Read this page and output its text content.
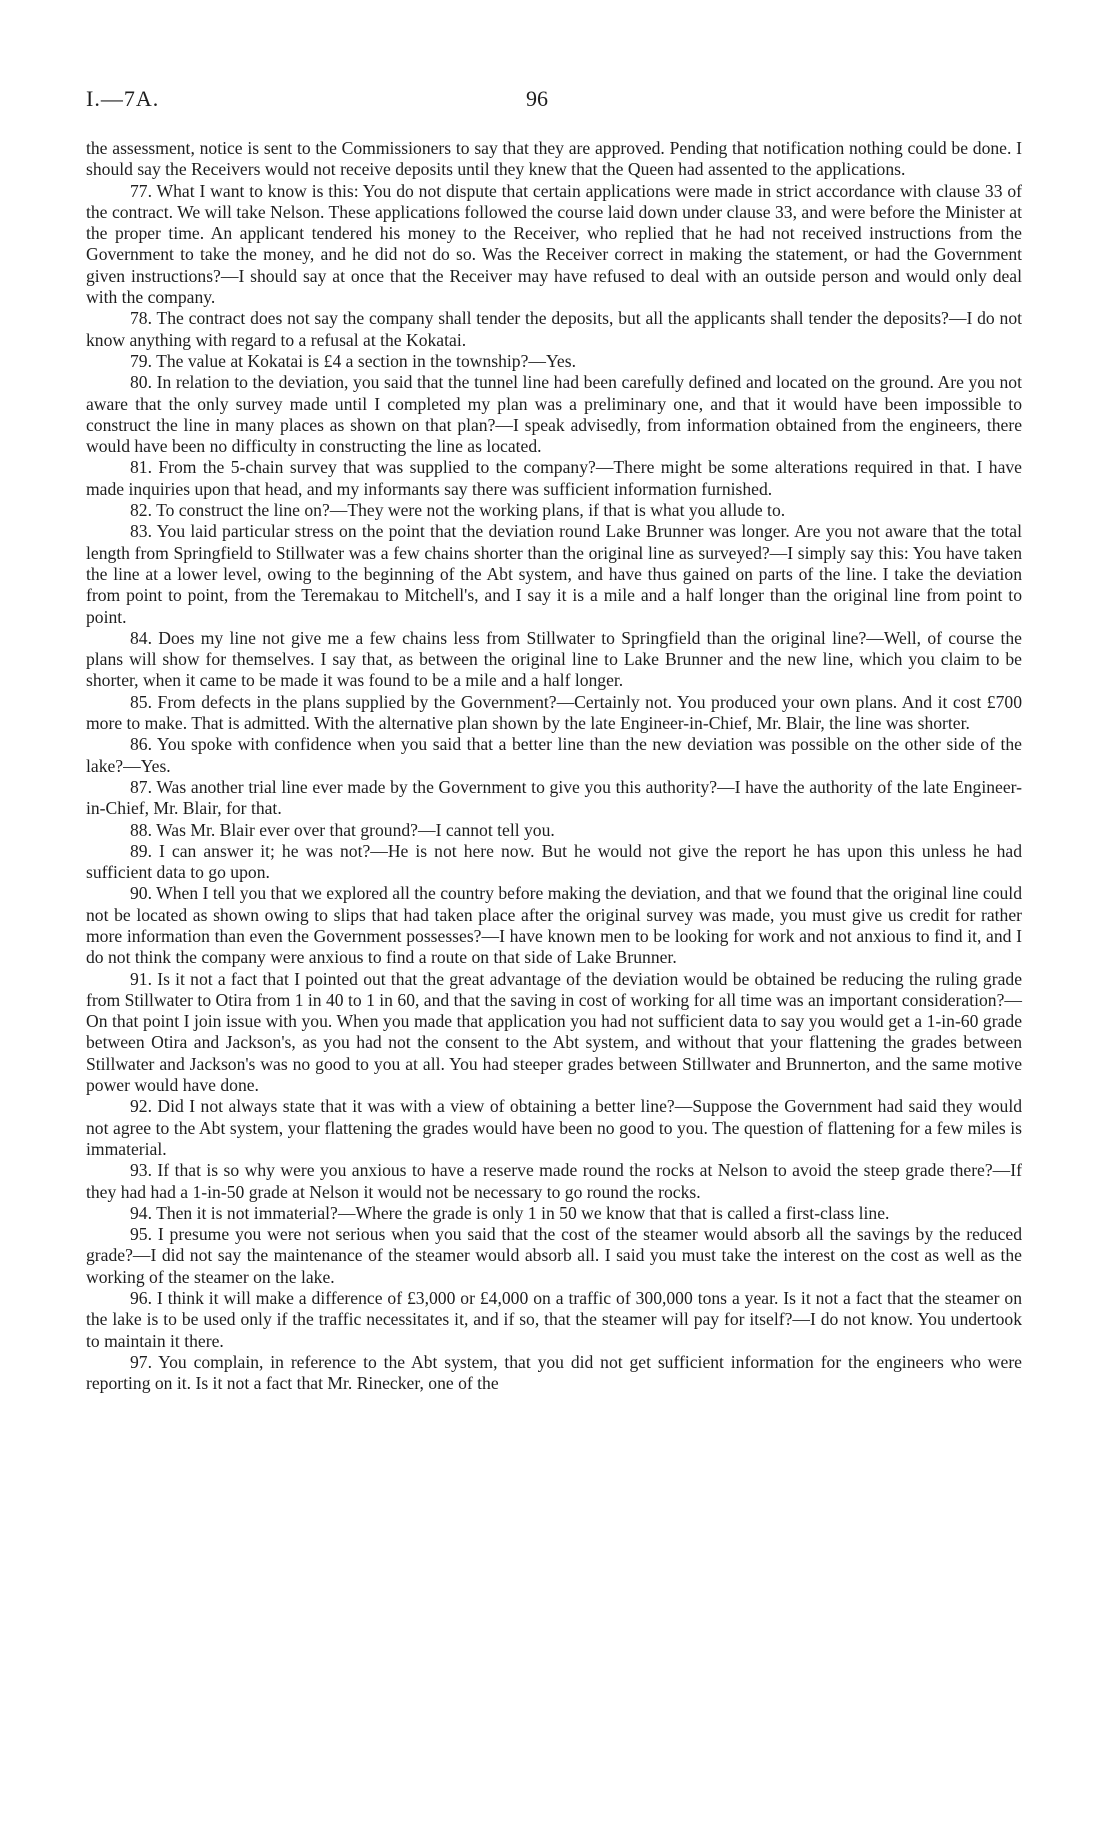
I.—7A.	96

the assessment, notice is sent to the Commissioners to say that they are approved. Pending that notification nothing could be done. I should say the Receivers would not receive deposits until they knew that the Queen had assented to the applications.

77. What I want to know is this: You do not dispute that certain applications were made in strict accordance with clause 33 of the contract. We will take Nelson. These applications followed the course laid down under clause 33, and were before the Minister at the proper time. An applicant tendered his money to the Receiver, who replied that he had not received instructions from the Government to take the money, and he did not do so. Was the Receiver correct in making the statement, or had the Government given instructions?—I should say at once that the Receiver may have refused to deal with an outside person and would only deal with the company.

78. The contract does not say the company shall tender the deposits, but all the applicants shall tender the deposits?—I do not know anything with regard to a refusal at the Kokatai.

79. The value at Kokatai is £4 a section in the township?—Yes.

80. In relation to the deviation, you said that the tunnel line had been carefully defined and located on the ground. Are you not aware that the only survey made until I completed my plan was a preliminary one, and that it would have been impossible to construct the line in many places as shown on that plan?—I speak advisedly, from information obtained from the engineers, there would have been no difficulty in constructing the line as located.

81. From the 5-chain survey that was supplied to the company?—There might be some alterations required in that. I have made inquiries upon that head, and my informants say there was sufficient information furnished.

82. To construct the line on?—They were not the working plans, if that is what you allude to.

83. You laid particular stress on the point that the deviation round Lake Brunner was longer. Are you not aware that the total length from Springfield to Stillwater was a few chains shorter than the original line as surveyed?—I simply say this: You have taken the line at a lower level, owing to the beginning of the Abt system, and have thus gained on parts of the line. I take the deviation from point to point, from the Teremakau to Mitchell's, and I say it is a mile and a half longer than the original line from point to point.

84. Does my line not give me a few chains less from Stillwater to Springfield than the original line?—Well, of course the plans will show for themselves. I say that, as between the original line to Lake Brunner and the new line, which you claim to be shorter, when it came to be made it was found to be a mile and a half longer.

85. From defects in the plans supplied by the Government?—Certainly not. You produced your own plans. And it cost £700 more to make. That is admitted. With the alternative plan shown by the late Engineer-in-Chief, Mr. Blair, the line was shorter.

86. You spoke with confidence when you said that a better line than the new deviation was possible on the other side of the lake?—Yes.

87. Was another trial line ever made by the Government to give you this authority?—I have the authority of the late Engineer-in-Chief, Mr. Blair, for that.

88. Was Mr. Blair ever over that ground?—I cannot tell you.

89. I can answer it; he was not?—He is not here now. But he would not give the report he has upon this unless he had sufficient data to go upon.

90. When I tell you that we explored all the country before making the deviation, and that we found that the original line could not be located as shown owing to slips that had taken place after the original survey was made, you must give us credit for rather more information than even the Government possesses?—I have known men to be looking for work and not anxious to find it, and I do not think the company were anxious to find a route on that side of Lake Brunner.

91. Is it not a fact that I pointed out that the great advantage of the deviation would be obtained be reducing the ruling grade from Stillwater to Otira from 1 in 40 to 1 in 60, and that the saving in cost of working for all time was an important consideration?—On that point I join issue with you. When you made that application you had not sufficient data to say you would get a 1-in-60 grade between Otira and Jackson's, as you had not the consent to the Abt system, and without that your flattening the grades between Stillwater and Jackson's was no good to you at all. You had steeper grades between Stillwater and Brunnerton, and the same motive power would have done.

92. Did I not always state that it was with a view of obtaining a better line?—Suppose the Government had said they would not agree to the Abt system, your flattening the grades would have been no good to you. The question of flattening for a few miles is immaterial.

93. If that is so why were you anxious to have a reserve made round the rocks at Nelson to avoid the steep grade there?—If they had had a 1-in-50 grade at Nelson it would not be necessary to go round the rocks.

94. Then it is not immaterial?—Where the grade is only 1 in 50 we know that that is called a first-class line.

95. I presume you were not serious when you said that the cost of the steamer would absorb all the savings by the reduced grade?—I did not say the maintenance of the steamer would absorb all. I said you must take the interest on the cost as well as the working of the steamer on the lake.

96. I think it will make a difference of £3,000 or £4,000 on a traffic of 300,000 tons a year. Is it not a fact that the steamer on the lake is to be used only if the traffic necessitates it, and if so, that the steamer will pay for itself?—I do not know. You undertook to maintain it there.

97. You complain, in reference to the Abt system, that you did not get sufficient information for the engineers who were reporting on it. Is it not a fact that Mr. Rinecker, one of the
